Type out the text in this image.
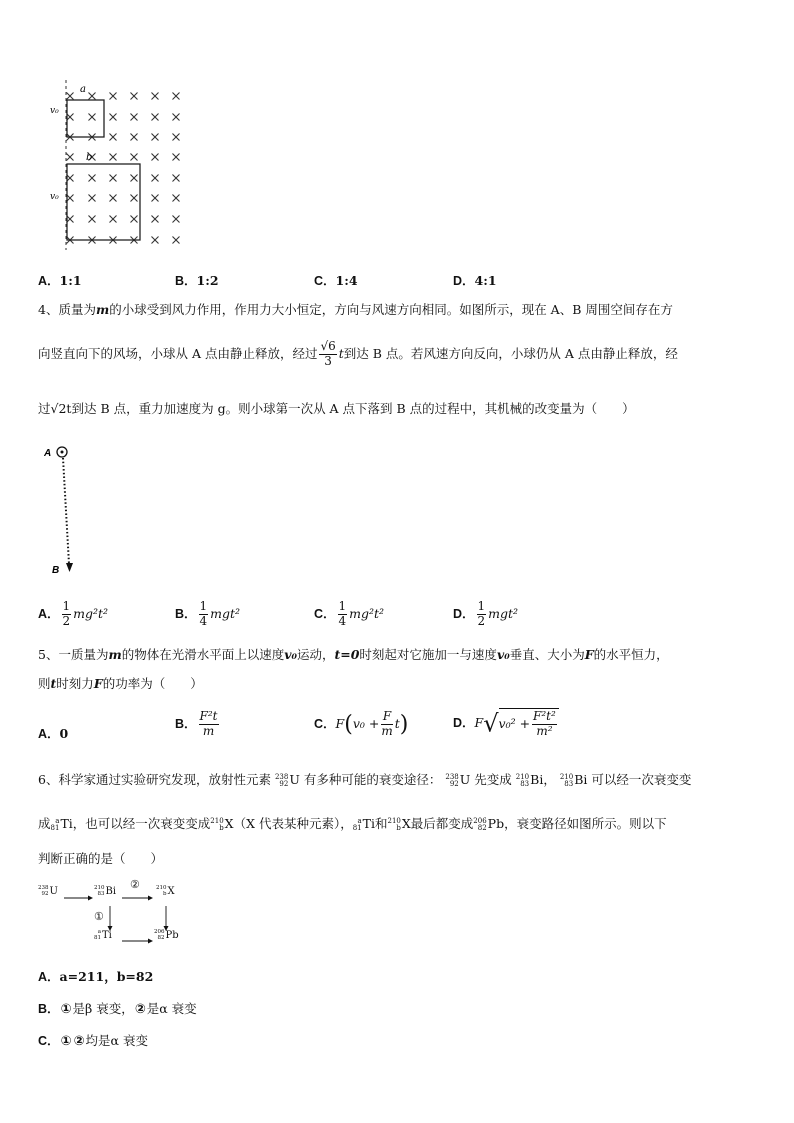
a
b
v₀
v₀
A．1:1	B．1:2	C．1:4	D．4:1
4、质量为m的小球受到风力作用，作用力大小恒定，方向与风速方向相同。如图所示，现在 A、B 周围空间存在方
向竖直向下的风场，小球从 A 点由静止释放，经过 $\frac{√6}{3}$ t到达 B 点。若风速方向反向，小球仍从 A 点由静止释放，经
过√2t到达 B 点，重力加速度为 g。则小球第一次从 A 点下落到 B 点的过程中，其机械的改变量为（　　）
A
B
A． $\frac{1}{2} mg^2t^2$	B． $\frac{1}{4} mgt^2$	C． $\frac{1}{4} mg^2t^2$	D． $\frac{1}{2} mgt^2$
5、一质量为m的物体在光滑水平面上以速度v₀运动，t=0时刻起对它施加一与速度v₀垂直、大小为F的水平恒力，
则t时刻力F的功率为（　　）
A．0
B． $\frac{\text{F²t}}{m}$	C．$F(v_0 + \frac{F}{m} t)$	D．$F√v_0^2 + \frac{\text{F²t²}}{\text{m²}}$
6、科学家通过实验研究发现，放射性元素 238
92 U 有多种可能的衰变途径： 238
92 U 先变成 210
83 Bi， 210
83 Bi 可以经一次衰变变
成 a
81 Ti，也可以经一次衰变变成 210
b X（X 代表某种元素）， a
81 Ti和 210
b X最后都变成 206
82 Pb，衰变路径如图所示。则以下
判断正确的是（　　）
238
92 U	210
83 Bi	210
b X
a
81 Ti	206
82 Pb
①
②
A．a=211，b=82
B．①是β 衰变，②是α 衰变
C．① ②均是α 衰变
